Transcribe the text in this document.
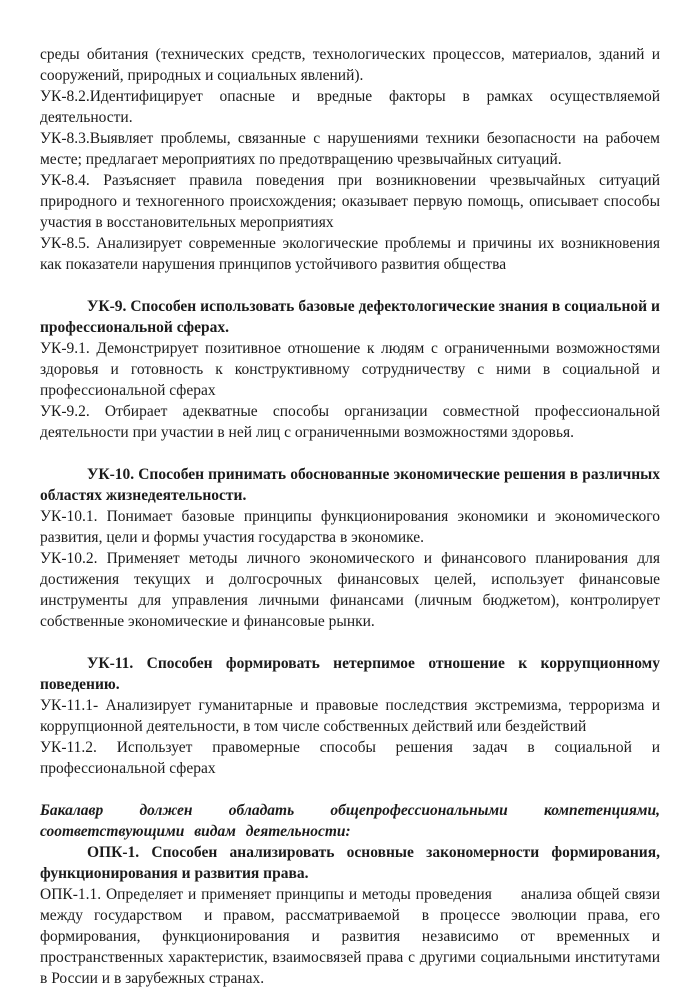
среды обитания (технических средств, технологических процессов, материалов, зданий и сооружений, природных и социальных явлений).

УК-8.2.Идентифицирует опасные и вредные факторы в рамках осуществляемой деятельности.

УК-8.3.Выявляет проблемы, связанные с нарушениями техники безопасности на рабочем месте; предлагает мероприятиях по предотвращению чрезвычайных ситуаций.

УК-8.4. Разъясняет правила поведения при возникновении чрезвычайных ситуаций природного и техногенного происхождения; оказывает первую помощь, описывает способы участия в восстановительных мероприятиях

УК-8.5. Анализирует современные экологические проблемы и причины их возникновения как показатели нарушения принципов устойчивого развития общества

УК-9. Способен использовать базовые дефектологические знания в социальной и профессиональной сферах.

УК-9.1. Демонстрирует позитивное отношение к людям с ограниченными возможностями здоровья и готовность к конструктивному сотрудничеству с ними в социальной и профессиональной сферах

УК-9.2. Отбирает адекватные способы организации совместной профессиональной деятельности при участии в ней лиц с ограниченными возможностями здоровья.

УК-10. Способен принимать обоснованные экономические решения в различных областях жизнедеятельности.

УК-10.1. Понимает базовые принципы функционирования экономики и экономического развития, цели и формы участия государства в экономике.

УК-10.2. Применяет методы личного экономического и финансового планирования для достижения текущих и долгосрочных финансовых целей, использует финансовые инструменты для управления личными финансами (личным бюджетом), контролирует собственные экономические и финансовые рынки.

УК-11. Способен формировать нетерпимое отношение к коррупционному поведению.

УК-11.1- Анализирует гуманитарные и правовые последствия экстремизма, терроризма и коррупционной деятельности, в том числе собственных действий или бездействий

УК-11.2. Использует правомерные способы решения задач в социальной и профессиональной сферах

Бакалавр должен обладать общепрофессиональными компетенциями, соответствующими видам деятельности:

ОПК-1. Способен анализировать основные закономерности формирования, функционирования и развития права.

ОПК-1.1. Определяет и применяет принципы и методы проведения      анализа общей связи между государством  и правом, рассматриваемой  в процессе эволюции права, его формирования, функционирования и развития независимо от временных и пространственных характеристик, взаимосвязей права с другими социальными институтами в России и в зарубежных странах.
